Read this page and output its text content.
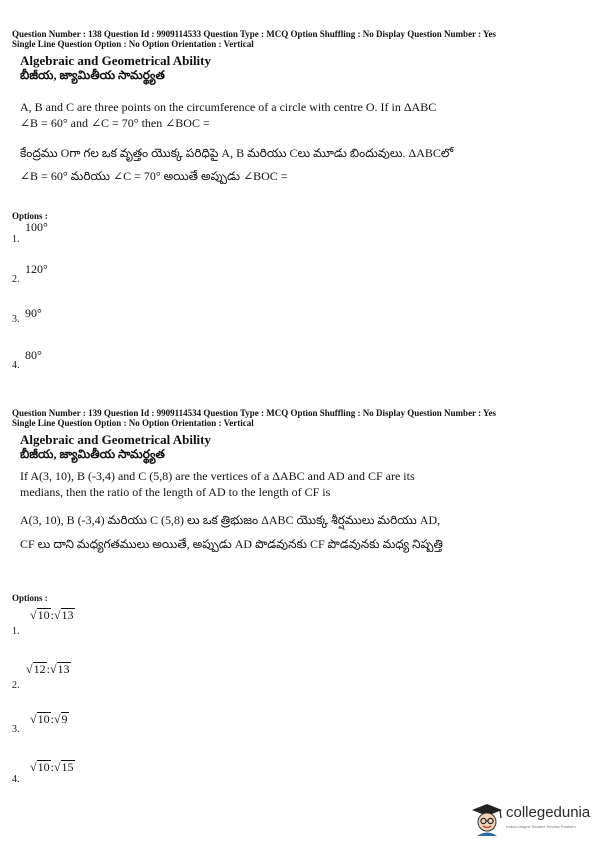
Question Number : 138 Question Id : 9909114533 Question Type : MCQ Option Shuffling : No Display Question Number : Yes
Single Line Question Option : No Option Orientation : Vertical
Algebraic and Geometrical Ability
బీజీయ, జ్యామితీయ సామర్థ్యత
A, B and C are three points on the circumference of a circle with centre O. If in ΔABC
∠B = 60° and ∠C = 70° then ∠BOC =
కేంద్రము Oగా గల ఒక వృత్తం యొక్క పరిధిపై A, B మరియు Cలు మూడు బిందువులు. ΔABCలో
∠B = 60° మరియు ∠C = 70° అయితే అప్పుడు ∠BOC =
Options :
1.
100°
2.
120°
3. 90°
4.
80°
Question Number : 139 Question Id : 9909114534 Question Type : MCQ Option Shuffling : No Display Question Number : Yes
Single Line Question Option : No Option Orientation : Vertical
Algebraic and Geometrical Ability
బీజీయ, జ్యామితీయ సామర్థ్యత
If A(3, 10), B (-3,4) and C (5,8) are the vertices of a ΔABC and AD and CF are its
medians, then the ratio of the length of AD to the length of CF is
A(3, 10), B (-3,4) మరియు C (5,8) లు ఒక త్రిభుజం ΔABC యొక్క శీర్షములు మరియు AD,
CF లు దాని మధ్యగతములు అయితే, అప్పుడు AD పొడవునకు CF పొడవునకు మధ్య నిష్పత్తి
Options :
1.
√10:√13
2.
√12:√13
3.
√10:√9
4.
√10:√15
collegedunia
India's largest Student Review Platform
